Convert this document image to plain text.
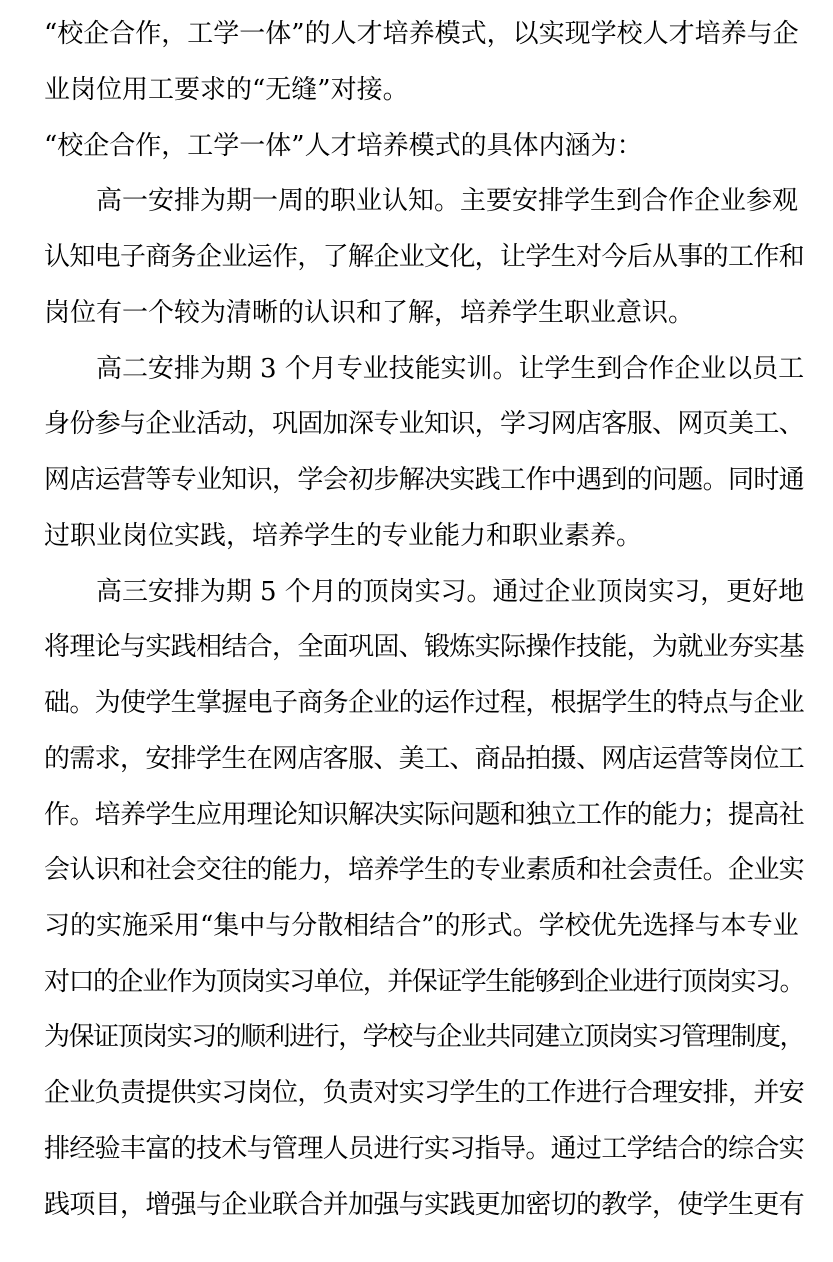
“校企合作，工学一体”的人才培养模式，以实现学校人才培养与企
业岗位用工要求的“无缝”对接。
“校企合作，工学一体”人才培养模式的具体内涵为：
高一安排为期一周的职业认知。主要安排学生到合作企业参观
认知电子商务企业运作，了解企业文化，让学生对今后从事的工作和
岗位有一个较为清晰的认识和了解，培养学生职业意识。
高二安排为期 3 个月专业技能实训。让学生到合作企业以员工
身份参与企业活动，巩固加深专业知识，学习网店客服、网页美工、
网店运营等专业知识，学会初步解决实践工作中遇到的问题。同时通
过职业岗位实践，培养学生的专业能力和职业素养。
高三安排为期 5 个月的顶岗实习。通过企业顶岗实习，更好地
将理论与实践相结合，全面巩固、锻炼实际操作技能，为就业夯实基
础。为使学生掌握电子商务企业的运作过程，根据学生的特点与企业
的需求，安排学生在网店客服、美工、商品拍摄、网店运营等岗位工
作。培养学生应用理论知识解决实际问题和独立工作的能力；提高社
会认识和社会交往的能力，培养学生的专业素质和社会责任。企业实
习的实施采用“集中与分散相结合”的形式。学校优先选择与本专业
对口的企业作为顶岗实习单位，并保证学生能够到企业进行顶岗实习。
为保证顶岗实习的顺利进行，学校与企业共同建立顶岗实习管理制度，
企业负责提供实习岗位，负责对实习学生的工作进行合理安排，并安
排经验丰富的技术与管理人员进行实习指导。通过工学结合的综合实
践项目，增强与企业联合并加强与实践更加密切的教学，使学生更有
